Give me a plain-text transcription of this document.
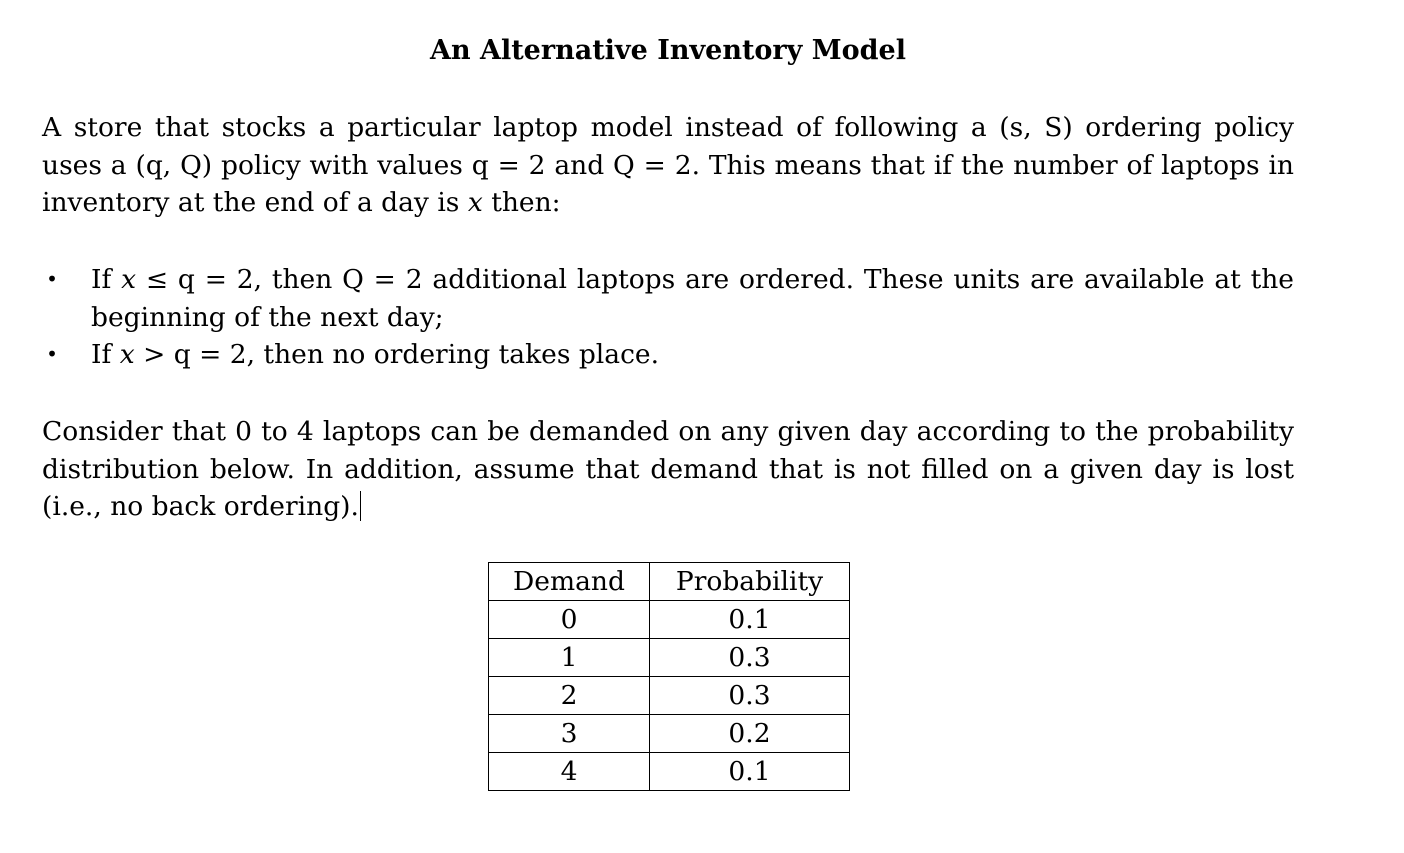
An Alternative Inventory Model
A store that stocks a particular laptop model instead of following a (s, S) ordering policy uses a (q, Q) policy with values q = 2 and Q = 2. This means that if the number of laptops in inventory at the end of a day is x then:
• If x ≤ q = 2, then Q = 2 additional laptops are ordered. These units are available at the beginning of the next day;
• If x > q = 2, then no ordering takes place.
Consider that 0 to 4 laptops can be demanded on any given day according to the probability distribution below. In addition, assume that demand that is not filled on a given day is lost (i.e., no back ordering).
Demand	Probability
0	0.1
1	0.3
2	0.3
3	0.2
4	0.1
